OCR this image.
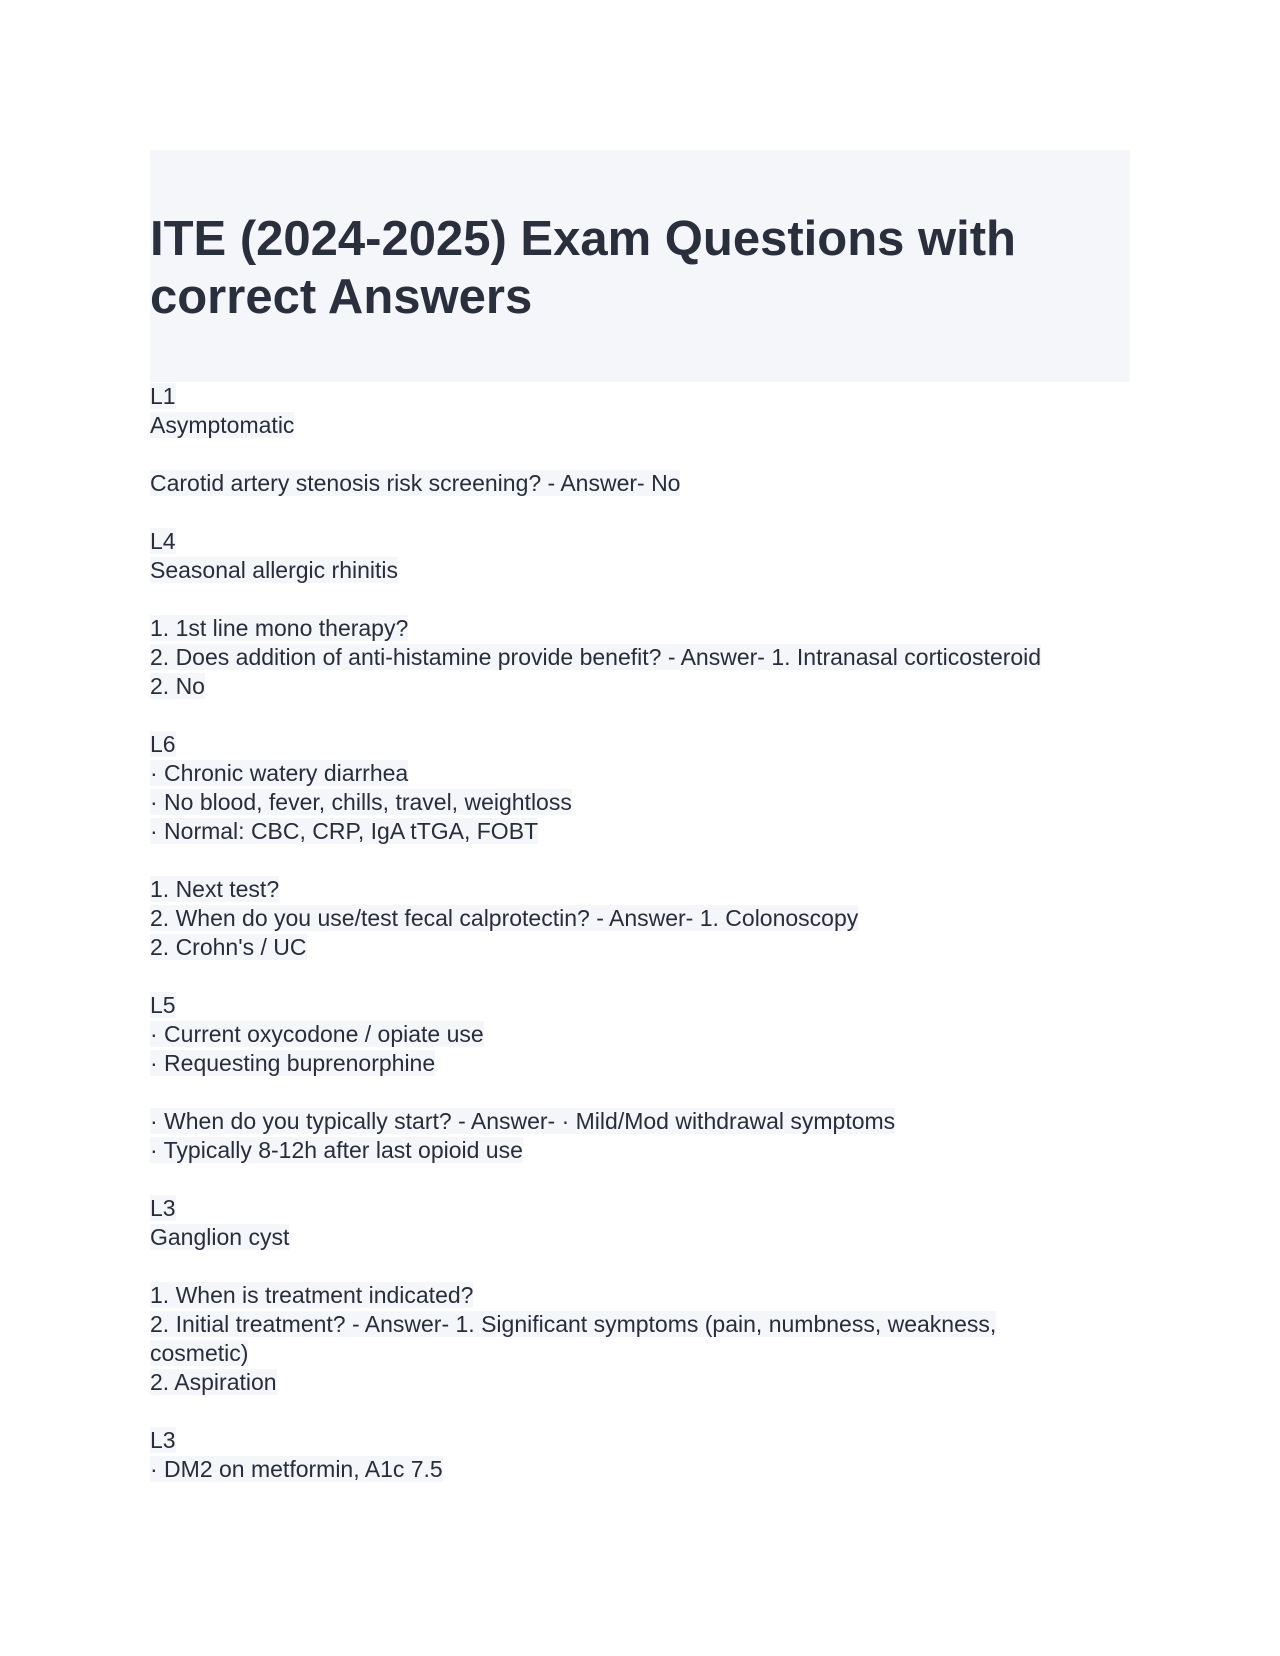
ITE (2024-2025) Exam Questions with correct Answers
L1
Asymptomatic
Carotid artery stenosis risk screening? - Answer- No
L4
Seasonal allergic rhinitis
1. 1st line mono therapy?
2. Does addition of anti-histamine provide benefit? - Answer- 1. Intranasal corticosteroid
2. No
L6
· Chronic watery diarrhea
· No blood, fever, chills, travel, weightloss
· Normal: CBC, CRP, IgA tTGA, FOBT
1. Next test?
2. When do you use/test fecal calprotectin? - Answer- 1. Colonoscopy
2. Crohn's / UC
L5
· Current oxycodone / opiate use
· Requesting buprenorphine
· When do you typically start? - Answer- · Mild/Mod withdrawal symptoms
· Typically 8-12h after last opioid use
L3
Ganglion cyst
1. When is treatment indicated?
2. Initial treatment? - Answer- 1. Significant symptoms (pain, numbness, weakness,
cosmetic)
2. Aspiration
L3
· DM2 on metformin, A1c 7.5
